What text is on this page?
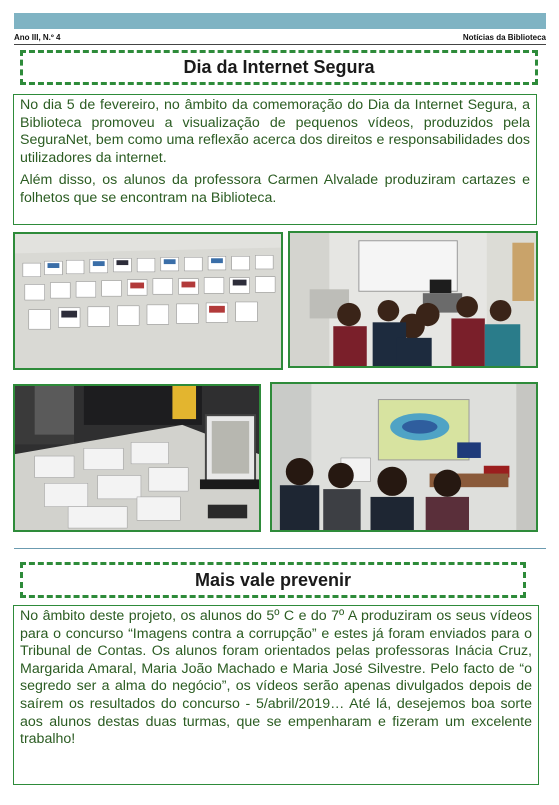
Ano III, N.º 4	Notícias da Biblioteca
Dia da Internet Segura

No dia 5 de fevereiro, no âmbito da comemoração do Dia da Internet Segura, a Biblioteca promoveu a visualização de pequenos vídeos, produzidos pela SeguraNet, bem como uma reflexão acerca dos direitos e responsabilidades dos utilizadores da internet.

Além disso, os alunos da professora Carmen Alvalade produziram cartazes e folhetos que se encontram na Biblioteca.

Mais vale prevenir

No âmbito deste projeto, os alunos do 5º C e do 7º A produziram os seus vídeos para o concurso “Imagens contra a corrupção” e estes já foram enviados para o Tribunal de Contas. Os alunos foram orientados pelas professoras Inácia Cruz, Margarida Amaral, Maria João Machado e Maria José Silvestre. Pelo facto de “o segredo ser a alma do negócio”, os vídeos serão apenas divulgados depois de saírem os resultados do concurso - 5/abril/2019… Até lá, desejemos boa sorte aos alunos destas duas turmas, que se empenharam e fizeram um excelente trabalho!
